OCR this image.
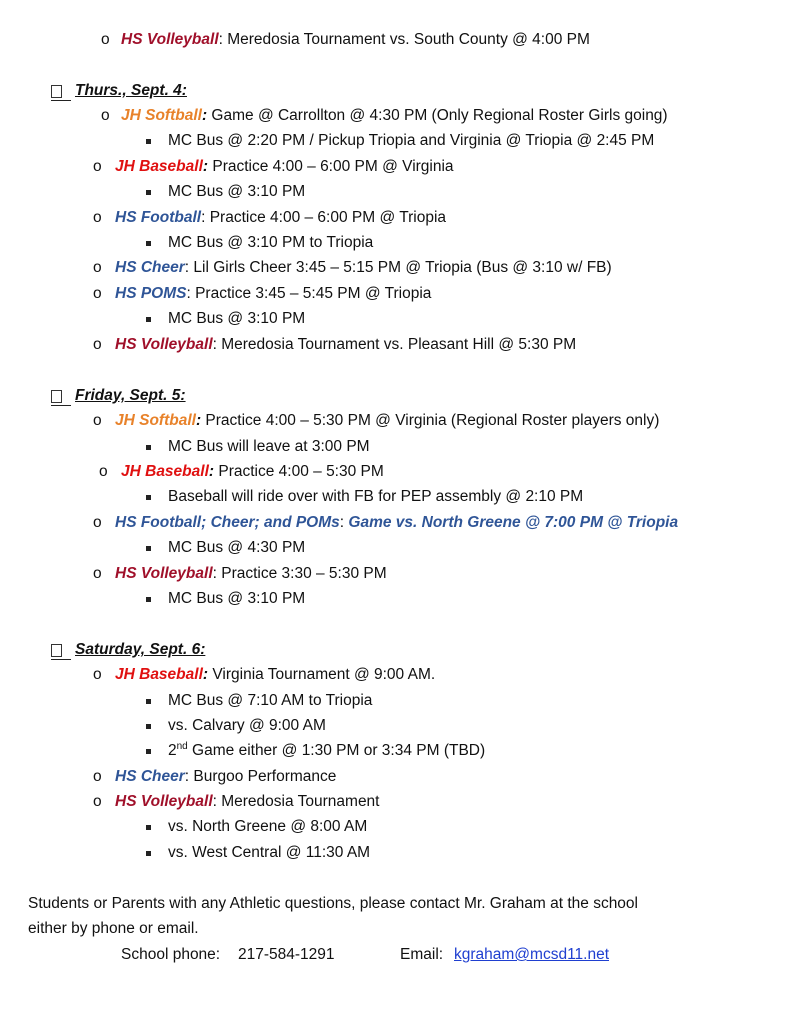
o HS Volleyball: Meredosia Tournament vs. South County @ 4:00 PM
Thurs., Sept. 4:
o JH Softball: Game @ Carrollton @ 4:30 PM (Only Regional Roster Girls going)
MC Bus @ 2:20 PM / Pickup Triopia and Virginia @ Triopia @ 2:45 PM
o JH Baseball: Practice 4:00 – 6:00 PM @ Virginia
MC Bus @ 3:10 PM
o HS Football: Practice 4:00 – 6:00 PM @ Triopia
MC Bus @ 3:10 PM to Triopia
o HS Cheer: Lil Girls Cheer 3:45 – 5:15 PM @ Triopia (Bus @ 3:10 w/ FB)
o HS POMS: Practice 3:45 – 5:45 PM @ Triopia
MC Bus @ 3:10 PM
o HS Volleyball: Meredosia Tournament vs. Pleasant Hill @ 5:30 PM
Friday, Sept. 5:
o JH Softball: Practice 4:00 – 5:30 PM @ Virginia (Regional Roster players only)
MC Bus will leave at 3:00 PM
o JH Baseball: Practice 4:00 – 5:30 PM
Baseball will ride over with FB for PEP assembly @ 2:10 PM
o HS Football; Cheer; and POMs: Game vs. North Greene @ 7:00 PM @ Triopia
MC Bus @ 4:30 PM
o HS Volleyball: Practice 3:30 – 5:30 PM
MC Bus @ 3:10 PM
Saturday, Sept. 6:
o JH Baseball: Virginia Tournament @ 9:00 AM.
MC Bus @ 7:10 AM to Triopia
vs. Calvary @ 9:00 AM
2nd Game either @ 1:30 PM or 3:34 PM (TBD)
o HS Cheer: Burgoo Performance
o HS Volleyball: Meredosia Tournament
vs. North Greene @ 8:00 AM
vs. West Central @ 11:30 AM
Students or Parents with any Athletic questions, please contact Mr. Graham at the school
either by phone or email.
School phone: 217-584-1291	Email: kgraham@mcsd11.net
